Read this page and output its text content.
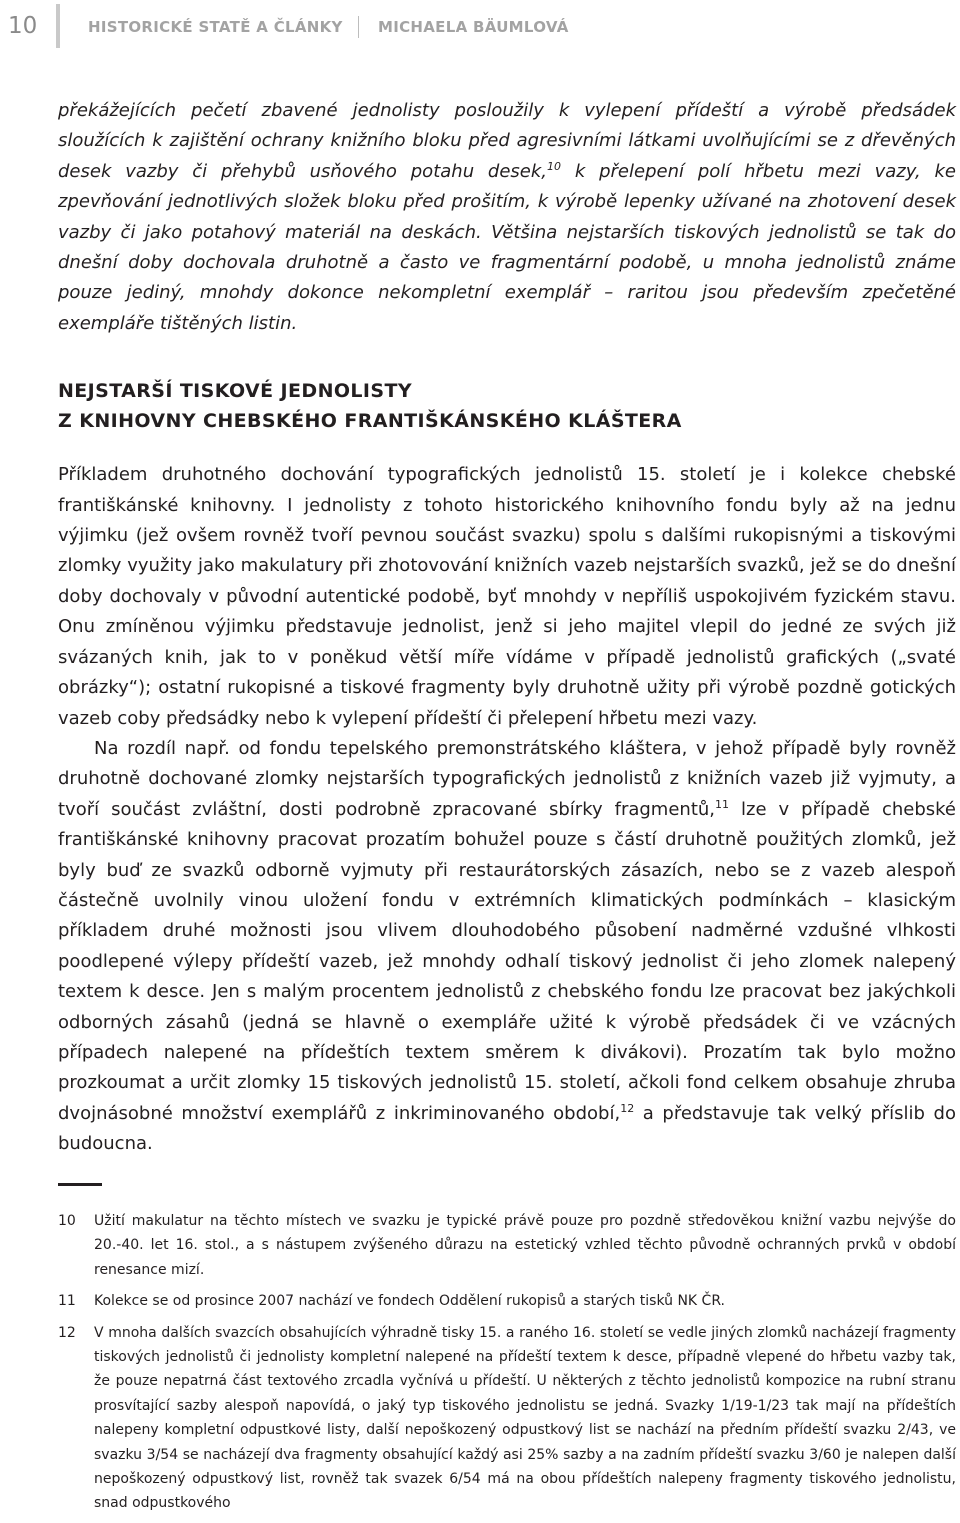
10	HISTORICKÉ STATĚ A ČLÁNKY MICHAELA BÄUMLOVÁ

překážejících pečetí zbavené jednolisty posloužily k vylepení přídeští a výrobě předsádek sloužících k zajištění ochrany knižního bloku před agresivními látkami uvolňujícími se z dřevěných desek vazby či přehybů usňového potahu desek,$^{10}$ k přelepení polí hřbetu mezi vazy, ke zpevňování jednotlivých složek bloku před prošitím, k výrobě lepenky užívané na zhotovení desek vazby či jako potahový materiál na deskách. Většina nejstarších tiskových jednolistů se tak do dnešní doby dochovala druhotně a často ve fragmentární podobě, u mnoha jednolistů známe pouze jediný, mnohdy dokonce nekompletní exemplář – raritou jsou především zpečetěné exempláře tištěných listin.

NEJSTARŠÍ TISKOVÉ JEDNOLISTY
Z KNIHOVNY CHEBSKÉHO FRANTIŠKÁNSKÉHO KLÁŠTERA

Příkladem druhotného dochování typografických jednolistů 15. století je i kolekce chebské františkánské knihovny. I jednolisty z tohoto historického knihovního fondu byly až na jednu výjimku (jež ovšem rovněž tvoří pevnou součást svazku) spolu s dalšími rukopisnými a tiskovými zlomky využity jako makulatury při zhotovování knižních vazeb nejstarších svazků, jež se do dnešní doby dochovaly v původní autentické podobě, byť mnohdy v nepříliš uspokojivém fyzickém stavu. Onu zmíněnou výjimku představuje jednolist, jenž si jeho majitel vlepil do jedné ze svých již svázaných knih, jak to v poněkud větší míře vídáme v případě jednolistů grafických („svaté obrázky“); ostatní rukopisné a tiskové fragmenty byly druhotně užity při výrobě pozdně gotických vazeb coby předsádky nebo k vylepení přídeští či přelepení hřbetu mezi vazy.

Na rozdíl např. od fondu tepelského premonstrátského kláštera, v jehož případě byly rovněž druhotně dochované zlomky nejstarších typografických jednolistů z knižních vazeb již vyjmuty, a tvoří součást zvláštní, dosti podrobně zpracované sbírky fragmentů,$^{11}$ lze v případě chebské františkánské knihovny pracovat prozatím bohužel pouze s částí druhotně použitých zlomků, jež byly buď ze svazků odborně vyjmuty při restaurátorských zásazích, nebo se z vazeb alespoň částečně uvolnily vinou uložení fondu v extrémních klimatických podmínkách – klasickým příkladem druhé možnosti jsou vlivem dlouhodobého působení nadměrné vzdušné vlhkosti poodlepené výlepy přídeští vazeb, jež mnohdy odhalí tiskový jednolist či jeho zlomek nalepený textem k desce. Jen s malým procentem jednolistů z chebského fondu lze pracovat bez jakýchkoli odborných zásahů (jedná se hlavně o exempláře užité k výrobě předsádek či ve vzácných případech nalepené na přídeštích textem směrem k divákovi). Prozatím tak bylo možno prozkoumat a určit zlomky 15 tiskových jednolistů 15. století, ačkoli fond celkem obsahuje zhruba dvojnásobné množství exemplářů z inkriminovaného období,$^{12}$ a představuje tak velký příslib do budoucna.

10 Užití makulatur na těchto místech ve svazku je typické právě pouze pro pozdně středověkou knižní vazbu nejvýše do 20.-40. let 16. stol., a s nástupem zvýšeného důrazu na estetický vzhled těchto původně ochranných prvků v období renesance mizí.
11 Kolekce se od prosince 2007 nachází ve fondech Oddělení rukopisů a starých tisků NK ČR.
12 V mnoha dalších svazcích obsahujících výhradně tisky 15. a raného 16. století se vedle jiných zlomků nacházejí fragmenty tiskových jednolistů či jednolisty kompletní nalepené na přídeští textem k desce, případně vlepené do hřbetu vazby tak, že pouze nepatrná část textového zrcadla vyčnívá u přídeští. U některých z těchto jednolistů kompozice na rubní stranu prosvítající sazby alespoň napovídá, o jaký typ tiskového jednolistu se jedná. Svazky 1/19-1/23 tak mají na přídeštích nalepeny kompletní odpustkové listy, další nepoškozený odpustkový list se nachází na předním přídeští svazku 2/43, ve svazku 3/54 se nacházejí dva fragmenty obsahující každý asi 25% sazby a na zadním přídeští svazku 3/60 je nalepen další nepoškozený odpustkový list, rovněž tak svazek 6/54 má na obou přídeštích nalepeny fragmenty tiskového jednolistu, snad odpustkového
